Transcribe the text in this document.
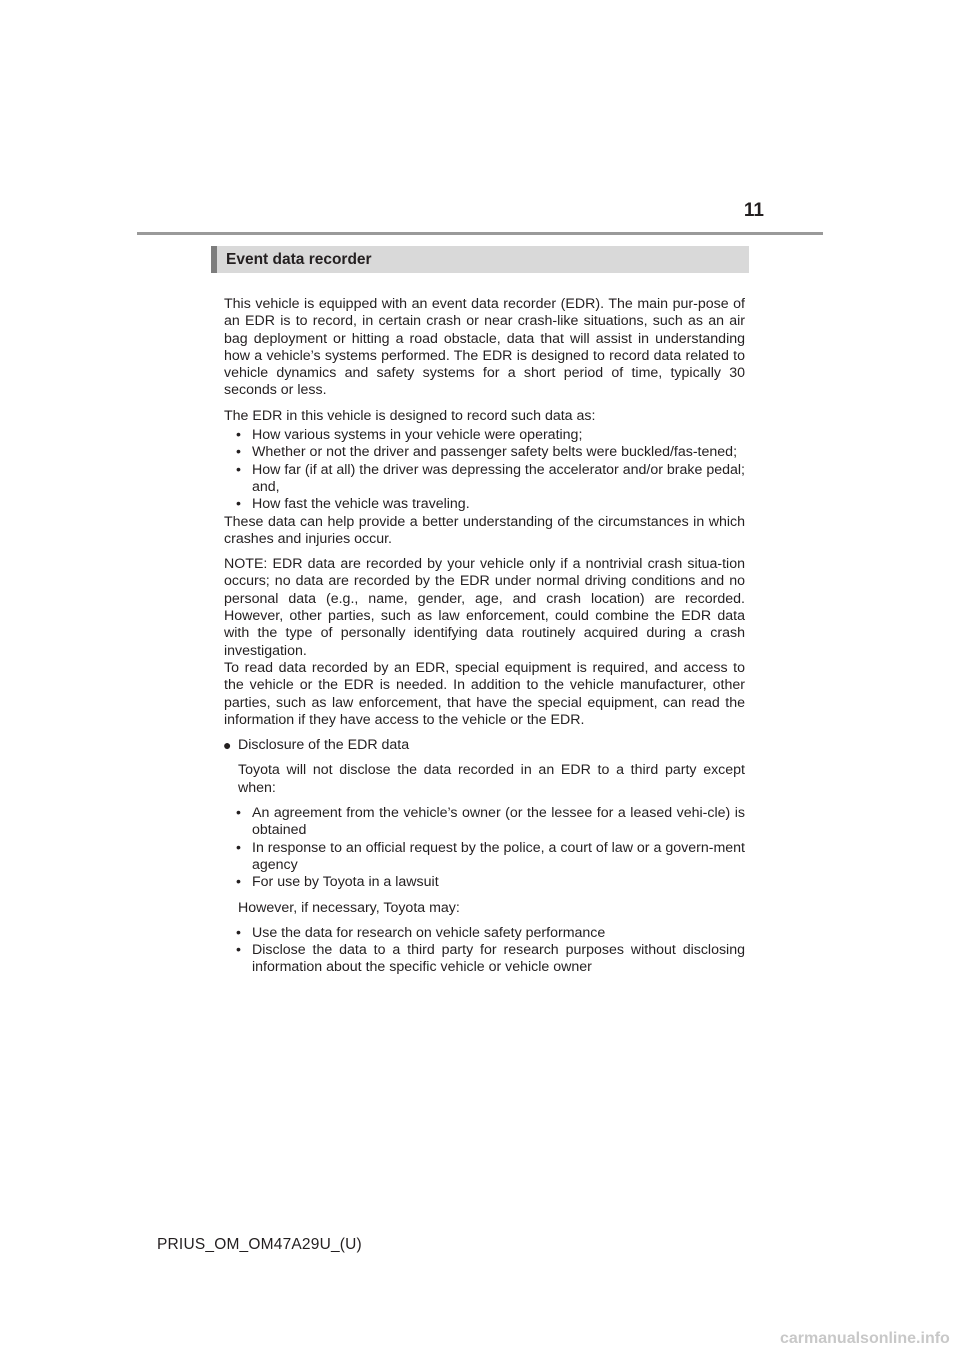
11
Event data recorder

This vehicle is equipped with an event data recorder (EDR). The main pur-pose of an EDR is to record, in certain crash or near crash-like situations, such as an air bag deployment or hitting a road obstacle, data that will assist in understanding how a vehicle’s systems performed. The EDR is designed to record data related to vehicle dynamics and safety systems for a short period of time, typically 30 seconds or less.

The EDR in this vehicle is designed to record such data as:

• How various systems in your vehicle were operating;
• Whether or not the driver and passenger safety belts were buckled/fas-tened;
• How far (if at all) the driver was depressing the accelerator and/or brake pedal; and,
• How fast the vehicle was traveling.

These data can help provide a better understanding of the circumstances in which crashes and injuries occur.

NOTE: EDR data are recorded by your vehicle only if a nontrivial crash situa-tion occurs; no data are recorded by the EDR under normal driving conditions and no personal data (e.g., name, gender, age, and crash location) are recorded. However, other parties, such as law enforcement, could combine the EDR data with the type of personally identifying data routinely acquired during a crash investigation.

To read data recorded by an EDR, special equipment is required, and access to the vehicle or the EDR is needed. In addition to the vehicle manufacturer, other parties, such as law enforcement, that have the special equipment, can read the information if they have access to the vehicle or the EDR.

● Disclosure of the EDR data

Toyota will not disclose the data recorded in an EDR to a third party except when:

• An agreement from the vehicle’s owner (or the lessee for a leased vehi-cle) is obtained
• In response to an official request by the police, a court of law or a govern-ment agency
• For use by Toyota in a lawsuit

However, if necessary, Toyota may:

• Use the data for research on vehicle safety performance
• Disclose the data to a third party for research purposes without disclosing information about the specific vehicle or vehicle owner
PRIUS_OM_OM47A29U_(U)
carmanualsonline.info
